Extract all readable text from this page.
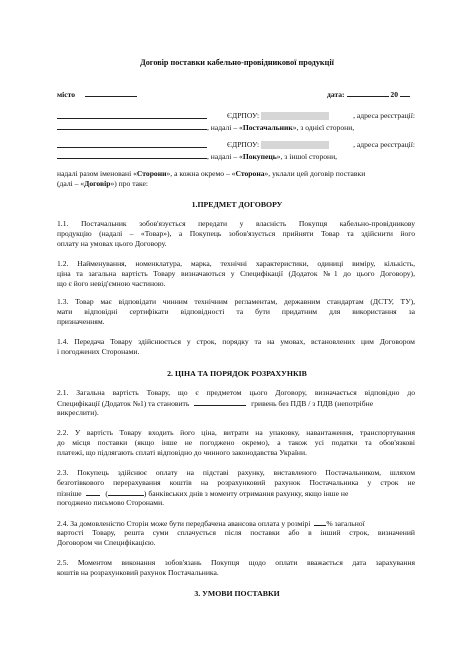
Договір поставки кабельно-провідникової продукції
місто	дата:	20
ЄДРПОУ:	, адреса реєстрації:
, надалі – «Постачальник», з однієї сторони,
ЄДРПОУ:	, адреса реєстрації:
, надалі – «Покупець», з іншої сторони,
надалі разом іменовані «Сторони», а кожна окремо – «Сторона», уклали цей договір поставки
(далі – «Договір») про таке:
1.ПРЕДМЕТ ДОГОВОРУ
1.1. Постачальник зобов'язується передати у власність Покупця кабельно-провідникову
продукцію (надалі – «Товар»), а Покупець зобов'язується прийняти Товар та здійснити його
оплату на умовах цього Договору.
1.2. Найменування, номенклатура, марка, технічні характеристики, одиниці виміру, кількість,
ціна та загальна вартість Товару визначаються у Специфікації (Додаток №1 до цього Договору),
що є його невід'ємною частиною.
1.3. Товар має відповідати чинним технічним регламентам, державним стандартам (ДСТУ, ТУ),
мати відповідні сертифікати відповідності та бути придатним для використання за
призначенням.
1.4. Передача Товару здійснюється у строк, порядку та на умовах, встановлених цим Договором
і погоджених Сторонами.
2. ЦІНА ТА ПОРЯДОК РОЗРАХУНКІВ
2.1. Загальна вартість Товару, що є предметом цього Договору, визначається відповідно до
Специфікації (Додаток №1) та становить	гривень без ПДВ / з ПДВ (непотрібне
викреслити).
2.2. У вартість Товару входить його ціна, витрати на упаковку, навантаження, транспортування
до місця поставки (якщо інше не погоджено окремо), а також усі податки та обов'язкові
платежі, що підлягають сплаті відповідно до чинного законодавства України.
2.3. Покупець здійснює оплату на підставі рахунку, виставленого Постачальником, шляхом
безготівкового перерахування коштів на розрахунковий рахунок Постачальника у строк не
пізніше	(	) банківських днів з моменту отримання рахунку, якщо інше не
погоджено письмово Сторонами.
2.4. За домовленістю Сторін може бути передбачена авансова оплата у розмірі % загальної
вартості Товару, решта суми сплачується після поставки або в інший строк, визначений
Договором чи Специфікацією.
2.5. Моментом виконання зобов'язань Покупця щодо оплати вважається дата зарахування
коштів на розрахунковий рахунок Постачальника.
3. УМОВИ ПОСТАВКИ
